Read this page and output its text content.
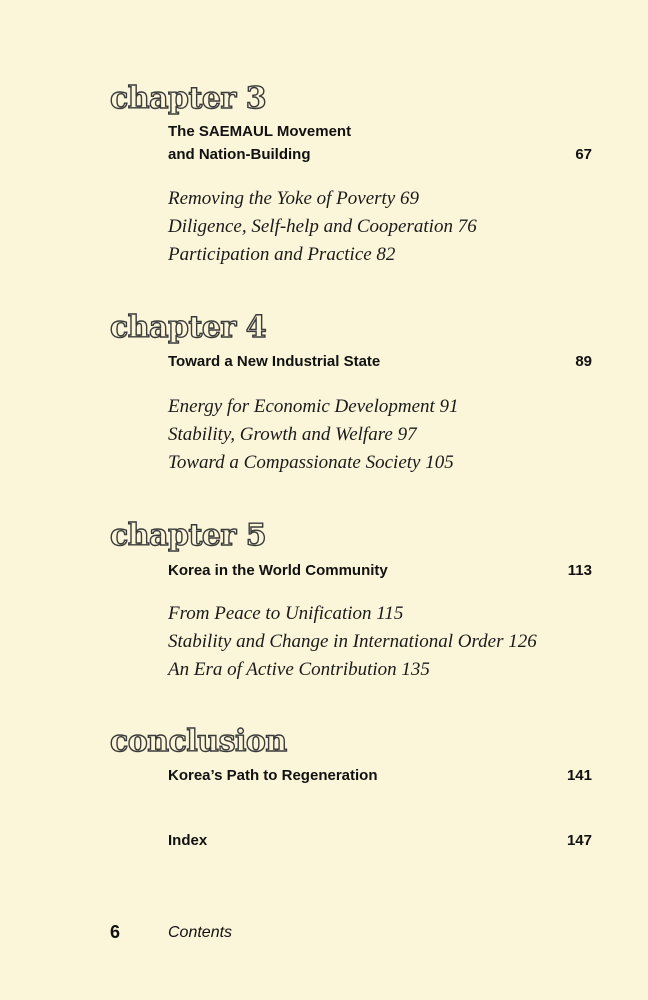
chapter 3
The SAEMAUL Movement
and Nation-Building	67
Removing the Yoke of Poverty 69
Diligence, Self-help and Cooperation 76
Participation and Practice 82
chapter 4
Toward a New Industrial State	89
Energy for Economic Development 91
Stability, Growth and Welfare 97
Toward a Compassionate Society 105
chapter 5
Korea in the World Community	113
From Peace to Unification 115
Stability and Change in International Order 126
An Era of Active Contribution 135
conclusion
Korea’s Path to Regeneration	141
Index	147
6	Contents
